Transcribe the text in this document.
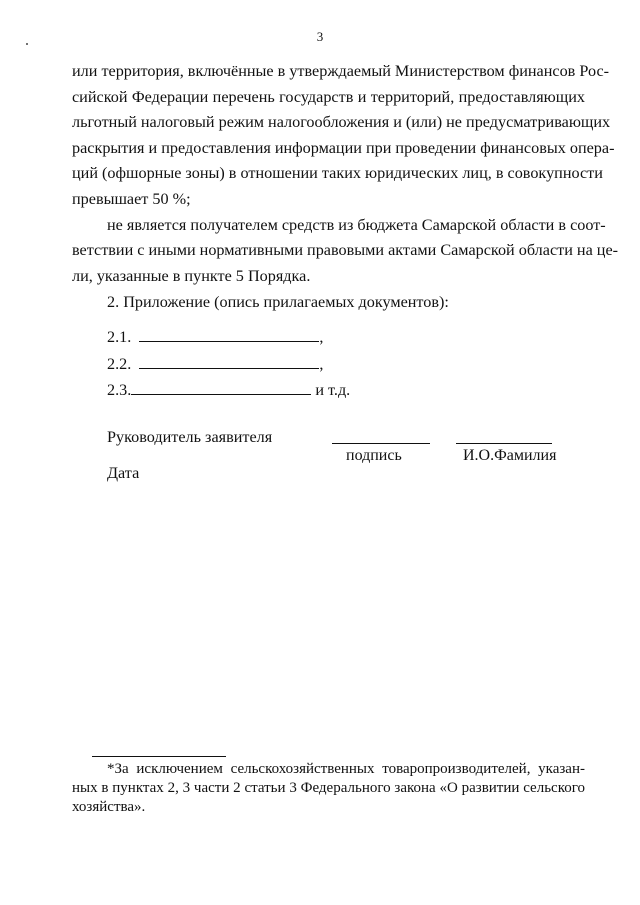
3
или территория, включённые в утверждаемый Министерством финансов Рос-
сийской Федерации перечень государств и территорий, предоставляющих
льготный налоговый режим налогообложения и (или) не предусматривающих
раскрытия и предоставления информации при проведении финансовых опера-
ций (офшорные зоны) в отношении таких юридических лиц, в совокупности
превышает 50 %;
не является получателем средств из бюджета Самарской области в соот-
ветствии с иными нормативными правовыми актами Самарской области на це-
ли, указанные в пункте 5 Порядка.
2. Приложение (опись прилагаемых документов):
2.1.	,
2.2.	,
2.3.	и т.д.
Руководитель заявителя
подпись	И.О.Фамилия
Дата
*За исключением сельскохозяйственных товаропроизводителей, указан-
ных в пунктах 2, 3 части 2 статьи 3 Федерального закона «О развитии сельского
хозяйства».
